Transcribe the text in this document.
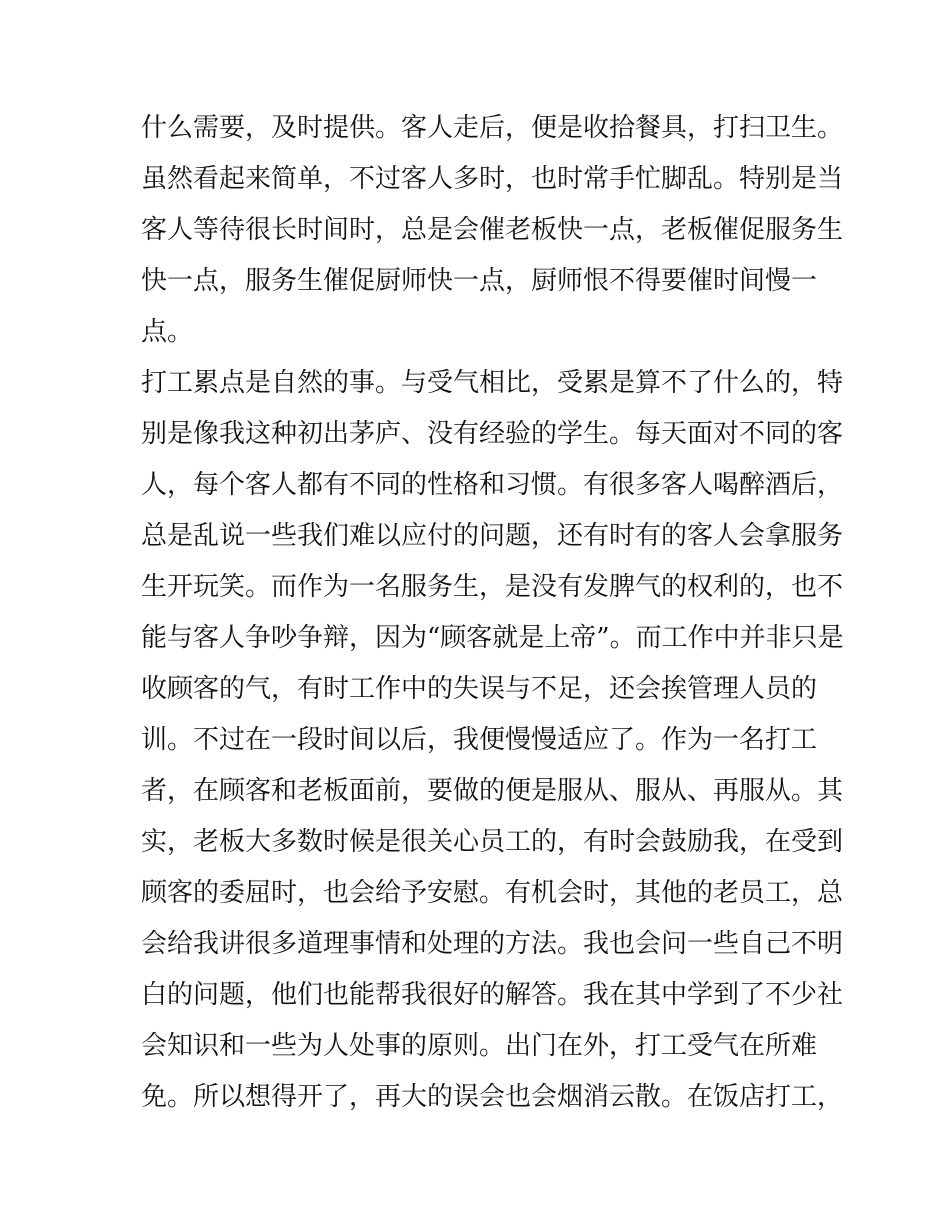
什么需要，及时提供。客人走后，便是收拾餐具，打扫卫生。
虽然看起来简单，不过客人多时，也时常手忙脚乱。特别是当
客人等待很长时间时，总是会催老板快一点，老板催促服务生
快一点，服务生催促厨师快一点，厨师恨不得要催时间慢一
点。
打工累点是自然的事。与受气相比，受累是算不了什么的，特
别是像我这种初出茅庐、没有经验的学生。每天面对不同的客
人，每个客人都有不同的性格和习惯。有很多客人喝醉酒后，
总是乱说一些我们难以应付的问题，还有时有的客人会拿服务
生开玩笑。而作为一名服务生，是没有发脾气的权利的，也不
能与客人争吵争辩，因为“顾客就是上帝”。而工作中并非只是
收顾客的气，有时工作中的失误与不足，还会挨管理人员的
训。不过在一段时间以后，我便慢慢适应了。作为一名打工
者，在顾客和老板面前，要做的便是服从、服从、再服从。其
实，老板大多数时候是很关心员工的，有时会鼓励我，在受到
顾客的委屈时，也会给予安慰。有机会时，其他的老员工，总
会给我讲很多道理事情和处理的方法。我也会问一些自己不明
白的问题，他们也能帮我很好的解答。我在其中学到了不少社
会知识和一些为人处事的原则。出门在外，打工受气在所难
免。所以想得开了，再大的误会也会烟消云散。在饭店打工，
